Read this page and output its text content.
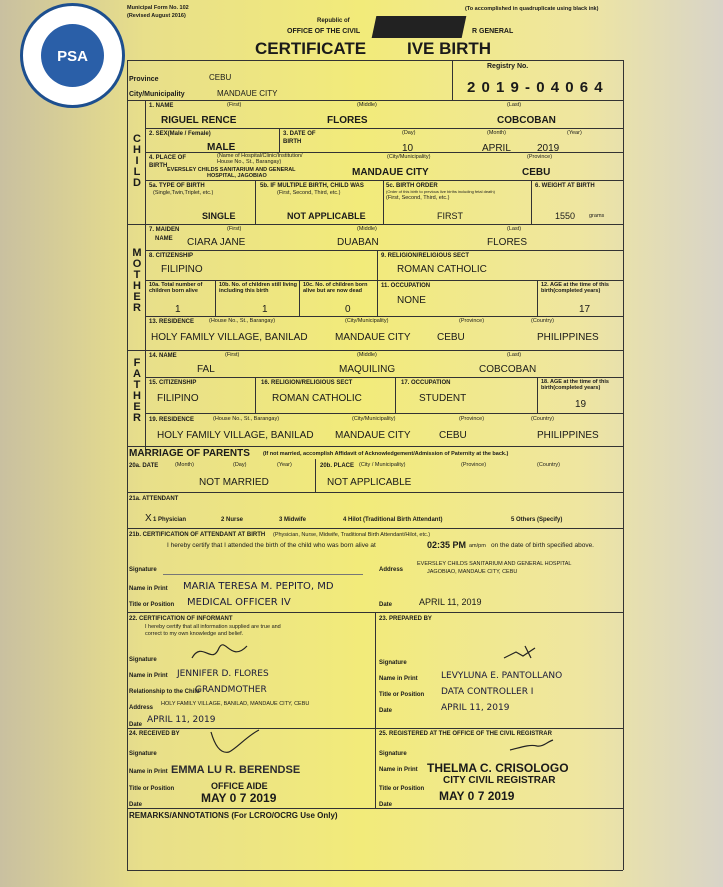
PSA
Municipal Form No. 102
(Revised August 2016)
Republic of
OFFICE OF THE CIVIL	R GENERAL
CERTIFICATE IVE BIRTH
(To accomplished in quadruplicate using black ink)
Province	CEBU
City/Municipality	MANDAUE CITY
Registry No.
2 0 1 9 - 0 4 0 6 4
C
H
I
L
D
1. NAME	(First)	(Middle)	(Last)
RIGUEL RENCE	FLORES	COBCOBAN
2. SEX(Male / Female)
MALE
3. DATE OF
BIRTH
(Day)	(Month)	(Year)
10	APRIL	2019
4. PLACE OF
BIRTH
(Name of Hospital/Clinic/Institution/
House No., St., Barangay)
(City/Municipality)	(Province)
EVERSLEY CHILDS SANITARIUM AND GENERAL
HOSPITAL, JAGOBIAO	MANDAUE CITY	CEBU
5a. TYPE OF BIRTH
(Single,Twin,Triplet, etc.)
SINGLE
5b. IF MULTIPLE BIRTH, CHILD WAS
(First, Second, Third, etc.)
NOT APPLICABLE
5c. BIRTH ORDER
(Order of this birth to previous live births including fetal death)
(First, Second, Third, etc.)
FIRST
6. WEIGHT AT BIRTH
1550	grams
M
O
T
H
E
R
7. MAIDEN
NAME
(First)	(Middle)	(Last)
CIARA JANE	DUABAN	FLORES
8. CITIZENSHIP
FILIPINO
9. RELIGION/RELIGIOUS SECT
ROMAN CATHOLIC
10a. Total number of children born alive
1
10b. No. of children still living including this birth
1
10c. No. of children born alive but are now dead
0
11. OCCUPATION
NONE
12. AGE at the time of this birth(completed years)
17
13. RESIDENCE	(House No., St., Barangay)	(City/Municipality)	(Province)	(Country)
HOLY FAMILY VILLAGE, BANILAD	MANDAUE CITY	CEBU	PHILIPPINES
F
A
T
H
E
R
14. NAME	(First)	(Middle)	(Last)
FAL	MAQUILING	COBCOBAN
15. CITIZENSHIP
FILIPINO
16. RELIGION/RELIGIOUS SECT
ROMAN CATHOLIC
17. OCCUPATION
STUDENT
18. AGE at the time of this birth(completed years)
19
19. RESIDENCE	(House No., St., Barangay)	(City/Municipality)	(Province)	(Country)
HOLY FAMILY VILLAGE, BANILAD MANDAUE CITY	CEBU	PHILIPPINES
MARRIAGE OF PARENTS (If not married, accomplish Affidavit of Acknowledgement/Admission of Paternity at the back.)
20a. DATE	(Month)	(Day)	(Year)
NOT MARRIED
20b. PLACE (City / Municipality)	(Province)	(Country)
NOT APPLICABLE
21a. ATTENDANT
X 1 Physician	2 Nurse	3 Midwife	4 Hilot (Traditional Birth Attendant)	5 Others (Specify)
21b. CERTIFICATION OF ATTENDANT AT BIRTH (Physician, Nurse, Midwife, Traditional Birth Attendant/Hilot, etc.)
I hereby certify that I attended the birth of the child who was born alive at	02:35 PM am/pm on the date of birth specified above.
Signature
Name in Print MARIA TERESA M. PEPITO, MD
Title or Position MEDICAL OFFICER IV
Address
EVERSLEY CHILDS SANITARIUM AND GENERAL HOSPITAL
JAGOBIAO, MANDAUE CITY, CEBU
Date	APRIL 11, 2019
22. CERTIFICATION OF INFORMANT
I hereby certify that all information supplied are true and
correct to my own knowledge and belief.
Signature
Name in Print JENNIFER D. FLORES
Relationship to the Child
GRANDMOTHER
Address
HOLY FAMILY VILLAGE, BANILAD, MANDAUE CITY, CEBU
Date APRIL 11, 2019
23. PREPARED BY
Signature
Name in Print	LEVYLUNA E. PANTOLLANO
Title or Position DATA CONTROLLER I
Date	APRIL 11, 2019
24. RECEIVED BY
Signature
Name in Print EMMA LU R. BERENDSE
Title or Position	OFFICE AIDE
Date	MAY 0 7 2019
25. REGISTERED AT THE OFFICE OF THE CIVIL REGISTRAR
Signature
Name in Print THELMA C. CRISOLOGO
Title or Position
CITY CIVIL REGISTRAR
Date
MAY 0 7 2019
REMARKS/ANNOTATIONS (For LCRO/OCRG Use Only)
